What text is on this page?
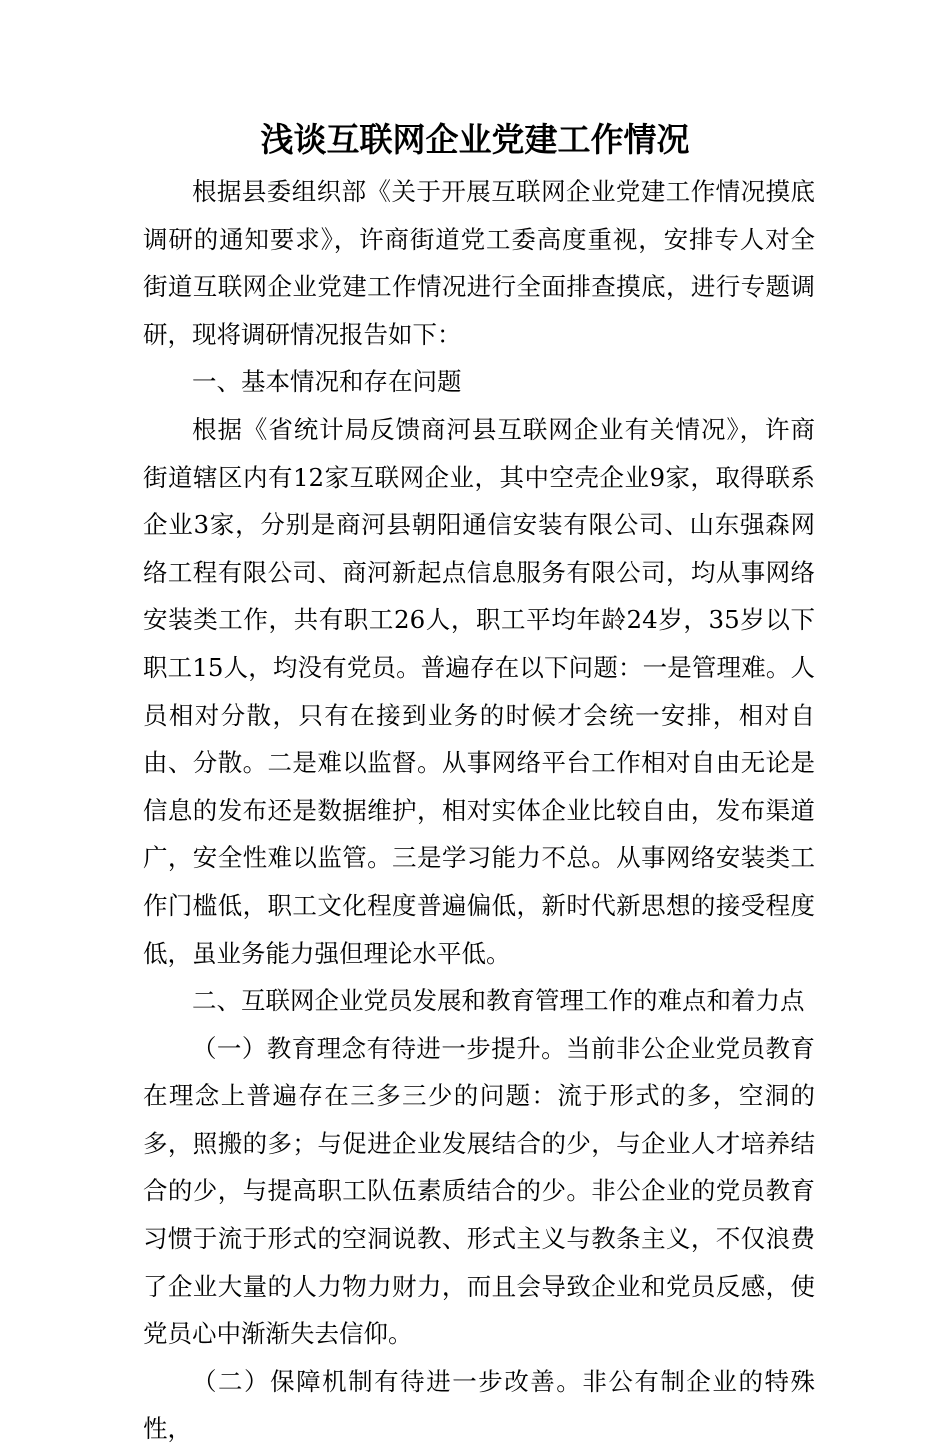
浅谈互联网企业党建工作情况

根据县委组织部《关于开展互联网企业党建工作情况摸底调研的通知要求》，许商街道党工委高度重视，安排专人对全街道互联网企业党建工作情况进行全面排查摸底，进行专题调研，现将调研情况报告如下：

一、基本情况和存在问题

根据《省统计局反馈商河县互联网企业有关情况》，许商街道辖区内有12家互联网企业，其中空壳企业9家，取得联系企业3家，分别是商河县朝阳通信安装有限公司、山东强森网络工程有限公司、商河新起点信息服务有限公司，均从事网络安装类工作，共有职工26人，职工平均年龄24岁，35岁以下职工15人，均没有党员。普遍存在以下问题：一是管理难。人员相对分散，只有在接到业务的时候才会统一安排，相对自由、分散。二是难以监督。从事网络平台工作相对自由无论是信息的发布还是数据维护，相对实体企业比较自由，发布渠道广，安全性难以监管。三是学习能力不总。从事网络安装类工作门槛低，职工文化程度普遍偏低，新时代新思想的接受程度低，虽业务能力强但理论水平低。

二、互联网企业党员发展和教育管理工作的难点和着力点

（一）教育理念有待进一步提升。当前非公企业党员教育在理念上普遍存在三多三少的问题：流于形式的多，空洞的多，照搬的多；与促进企业发展结合的少，与企业人才培养结合的少，与提高职工队伍素质结合的少。非公企业的党员教育习惯于流于形式的空洞说教、形式主义与教条主义，不仅浪费了企业大量的人力物力财力，而且会导致企业和党员反感，使党员心中渐渐失去信仰。

（二）保障机制有待进一步改善。非公有制企业的特殊性，
